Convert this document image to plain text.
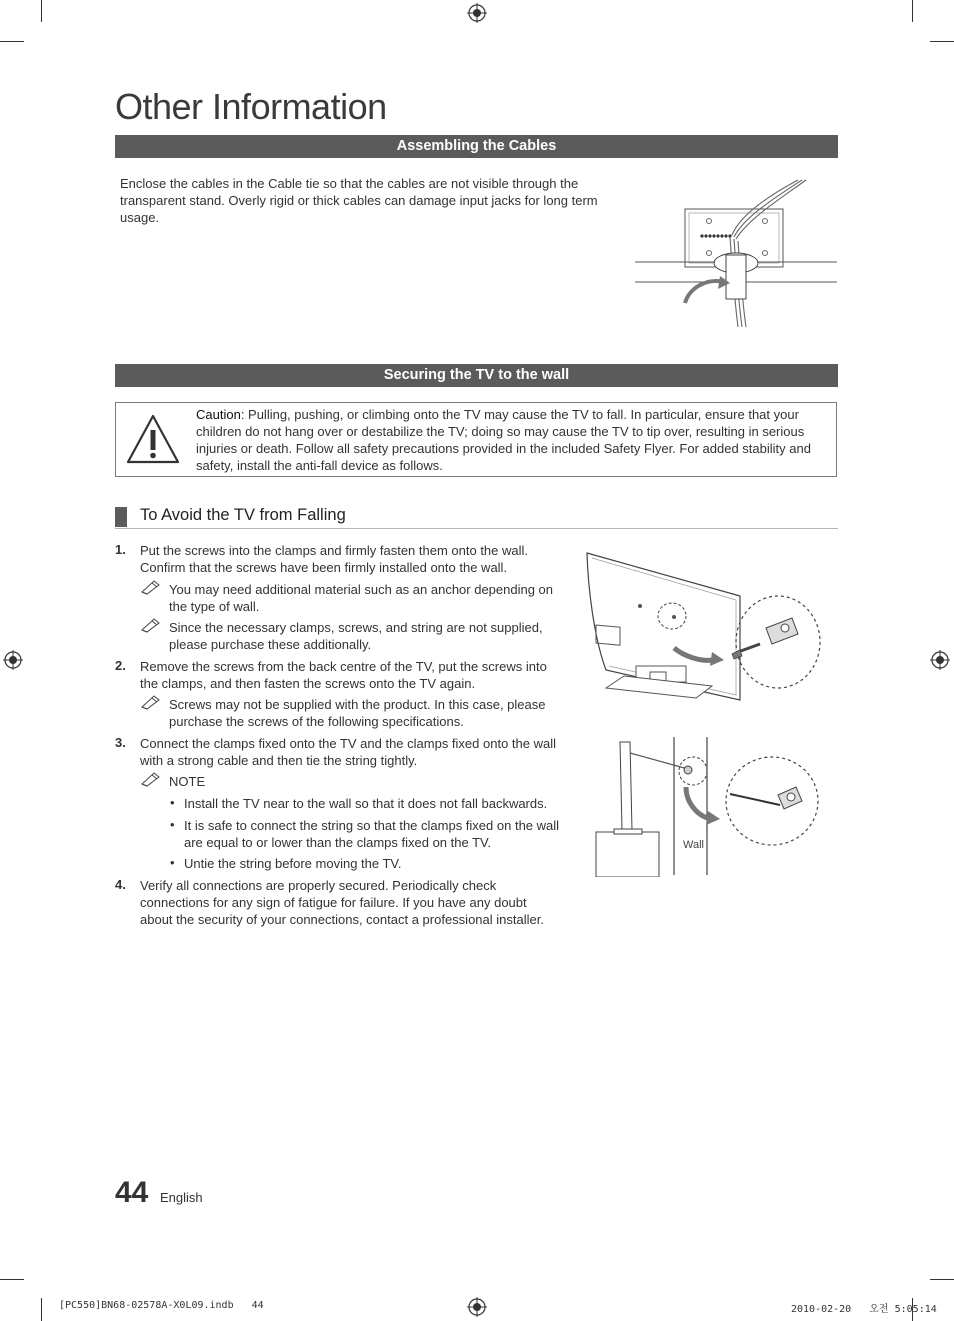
Other Information
Assembling the Cables
Enclose the cables in the Cable tie so that the cables are not visible through the transparent stand. Overly rigid or thick cables can damage input jacks for long term usage.
Securing the TV to the wall
Caution: Pulling, pushing, or climbing onto the TV may cause the TV to fall. In particular, ensure that your children do not hang over or destabilize the TV; doing so may cause the TV to tip over, resulting in serious injuries or death. Follow all safety precautions provided in the included Safety Flyer. For added stability and safety, install the anti-fall device as follows.
To Avoid the TV from Falling
1. Put the screws into the clamps and firmly fasten them onto the wall. Confirm that the screws have been firmly installed onto the wall.
You may need additional material such as an anchor depending on the type of wall.
Since the necessary clamps, screws, and string are not supplied, please purchase these additionally.
2. Remove the screws from the back centre of the TV, put the screws into the clamps, and then fasten the screws onto the TV again.
Screws may not be supplied with the product. In this case, please purchase the screws of the following specifications.
3. Connect the clamps fixed onto the TV and the clamps fixed onto the wall with a strong cable and then tie the string tightly.
NOTE
• Install the TV near to the wall so that it does not fall backwards.
• It is safe to connect the string so that the clamps fixed on the wall are equal to or lower than the clamps fixed on the TV.
• Untie the string before moving the TV.
4. Verify all connections are properly secured. Periodically check connections for any sign of fatigue for failure. If you have any doubt about the security of your connections, contact a professional installer.
Wall
44 English
[PC550]BN68-02578A-X0L09.indb   44	2010-02-20   오전 5:05:14
